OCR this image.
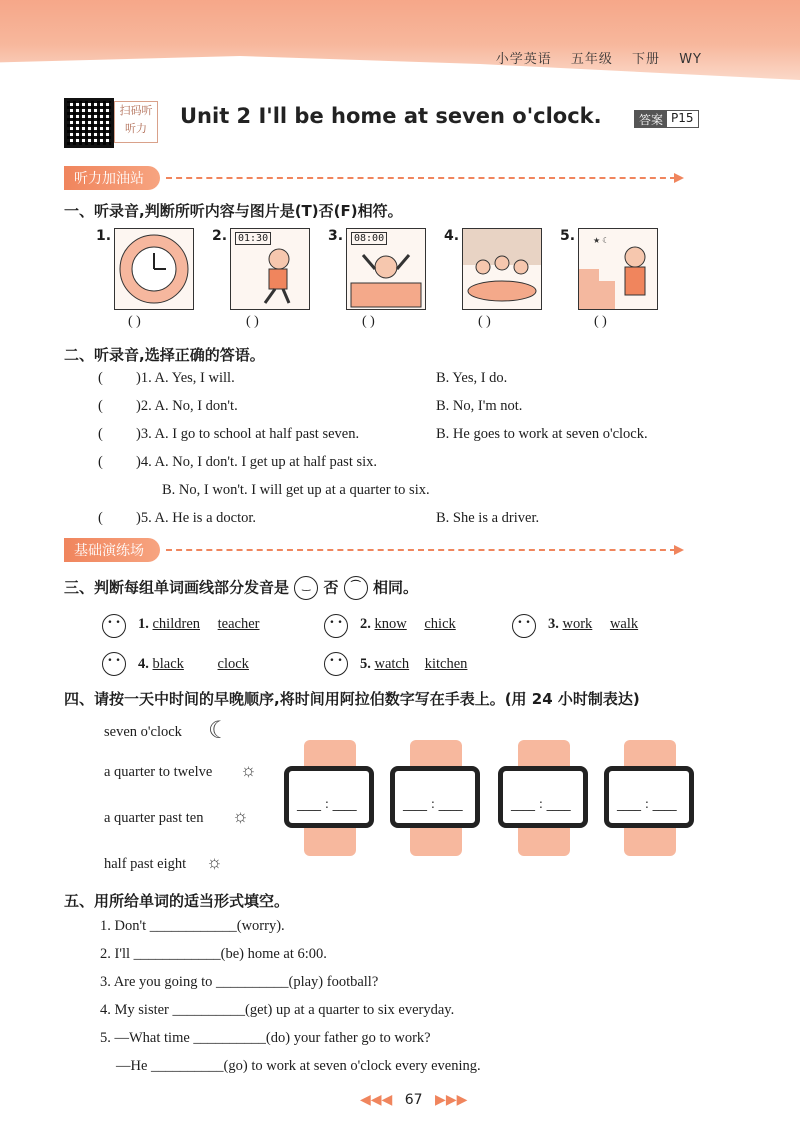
小学英语 五年级 下册 WY
扫码听听力
Unit 2 I'll be home at seven o'clock.	答案 P15
听力加油站
一、听录音,判断所听内容与图片是(T)否(F)相符。
1.
( )
2.	01:30
( )
3.	08:00
( )
4.
( )
5. ★ ☾
( )
二、听录音,选择正确的答语。
( )1. A. Yes, I will.	B. Yes, I do.
( )2. A. No, I don't.	B. No, I'm not.
( )3. A. I go to school at half past seven.	B. He goes to work at seven o'clock.
( )4. A. No, I don't. I get up at half past six.
B. No, I won't. I will get up at a quarter to six.
( )5. A. He is a doctor.	B. She is a driver.
基础演练场
三、判断每组单词画线部分发音是 ‿ 否 ⌒ 相同。
• •	1. children teacher	• •	2. know chick	• •	3. work walk
• •	4. black clock	• •	5. watch kitchen
四、请按一天中时间的早晚顺序,将时间用阿拉伯数字写在手表上。(用 24 小时制表达)
seven o'clock ☾
a quarter to twelve ☼
a quarter past ten ☼
half past eight ☼
____ : ____	____ : ____	____ : ____	____ : ____
五、用所给单词的适当形式填空。
1. Don't ____________(worry).
2. I'll ____________(be) home at 6:00.
3. Are you going to __________(play) football?
4. My sister __________(get) up at a quarter to six everyday.
5. —What time __________(do) your father go to work?
—He __________(go) to work at seven o'clock every evening.
◀◀◀ 67 ▶▶▶
